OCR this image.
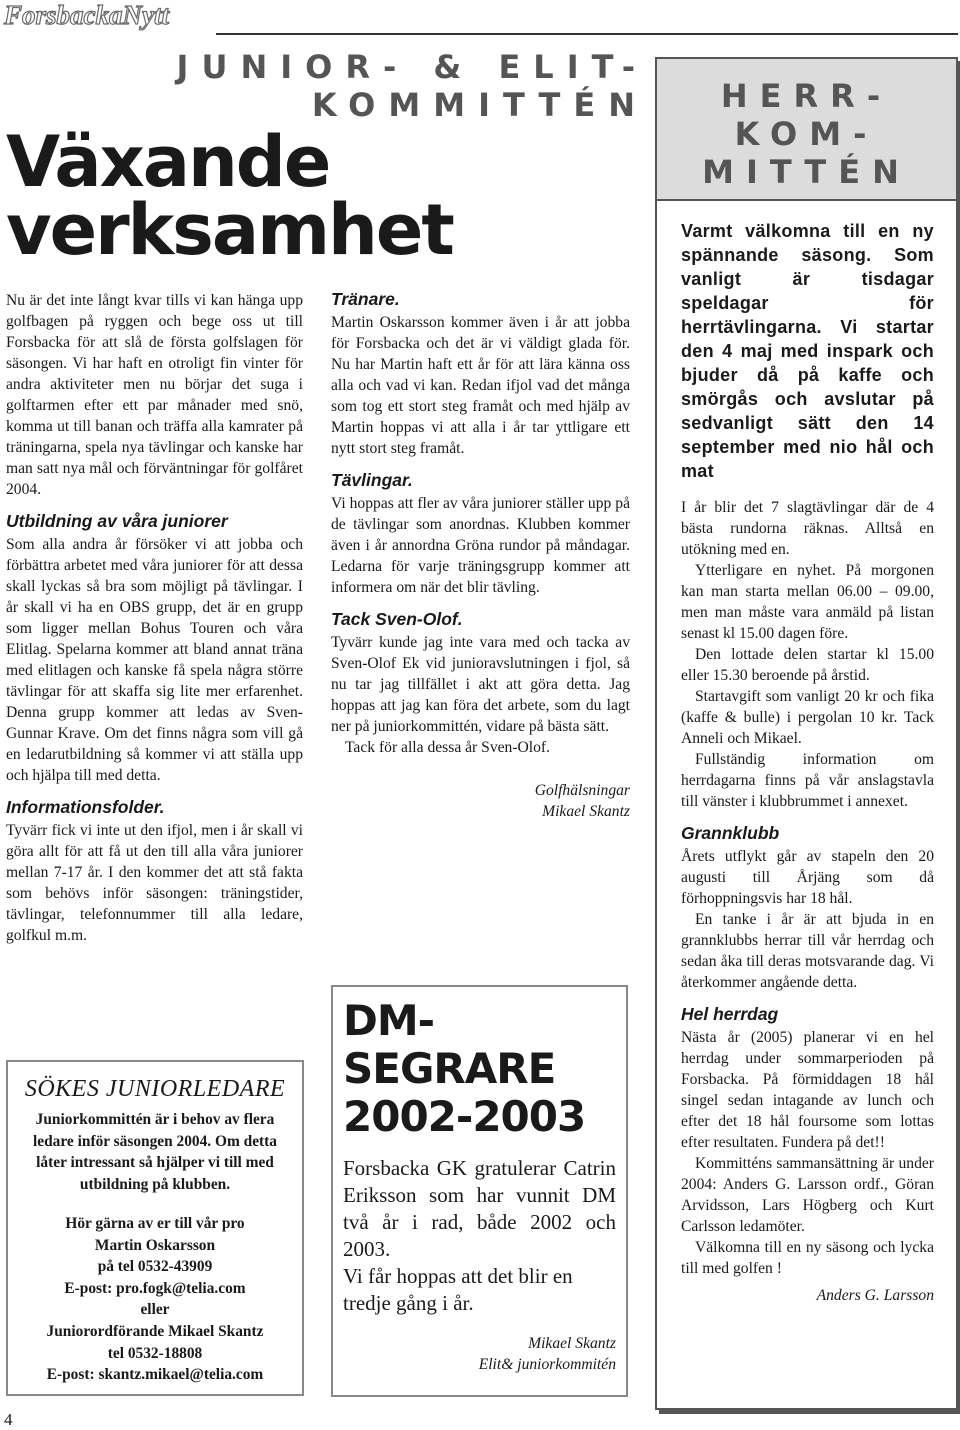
ForsbackaNytt
JUNIOR- & ELIT-
KOMMITTÉN
Växande
verksamhet

Nu är det inte långt kvar tills vi kan hänga upp golfbagen på ryggen och bege oss ut till Forsbacka för att slå de första golfslagen för säsongen. Vi har haft en otroligt fin vinter för andra aktiviteter men nu börjar det suga i golftarmen efter ett par månader med snö, komma ut till banan och träffa alla kamrater på träningarna, spela nya tävlingar och kanske har man satt nya mål och förväntningar för golfåret 2004.

Utbildning av våra juniorer

Som alla andra år försöker vi att jobba och förbättra arbetet med våra juniorer för att dessa skall lyckas så bra som möjligt på tävlingar. I år skall vi ha en OBS grupp, det är en grupp som ligger mellan Bohus Touren och våra Elitlag. Spelarna kommer att bland annat träna med elitlagen och kanske få spela några större tävlingar för att skaffa sig lite mer erfarenhet. Denna grupp kommer att ledas av Sven-Gunnar Krave. Om det finns några som vill gå en ledarutbildning så kommer vi att ställa upp och hjälpa till med detta.

Informationsfolder.

Tyvärr fick vi inte ut den ifjol, men i år skall vi göra allt för att få ut den till alla våra juniorer mellan 7-17 år. I den kommer det att stå fakta som behövs inför säsongen: träningstider, tävlingar, telefonnummer till alla ledare, golfkul m.m.

Tränare.

Martin Oskarsson kommer även i år att jobba för Forsbacka och det är vi väldigt glada för. Nu har Martin haft ett år för att lära känna oss alla och vad vi kan. Redan ifjol vad det många som tog ett stort steg framåt och med hjälp av Martin hoppas vi att alla i år tar yttligare ett nytt stort steg framåt.

Tävlingar.

Vi hoppas att fler av våra juniorer ställer upp på de tävlingar som anordnas. Klubben kommer även i år annordna Gröna rundor på måndagar. Ledarna för varje träningsgrupp kommer att informera om när det blir tävling.

Tack Sven-Olof.

Tyvärr kunde jag inte vara med och tacka av Sven-Olof Ek vid junioravslutningen i fjol, så nu tar jag tillfället i akt att göra detta. Jag hoppas att jag kan föra det arbete, som du lagt ner på juniorkommittén, vidare på bästa sätt.

Tack för alla dessa år Sven-Olof.

Golfhälsningar
Mikael Skantz
SÖKES JUNIORLEDARE
Juniorkommittén är i behov av flera ledare inför säsongen 2004. Om detta låter intressant så hjälper vi till med utbildning på klubben.
Hör gärna av er till vår pro
Martin Oskarsson
på tel 0532-43909
E-post: pro.fogk@telia.com
eller
Juniorordförande Mikael Skantz
tel 0532-18808
E-post: skantz.mikael@telia.com
DM-
SEGRARE
2002-2003

Forsbacka GK gratulerar Catrin Eriksson som har vunnit DM två år i rad, både 2002 och 2003.

Vi får hoppas att det blir en tredje gång i år.

Mikael Skantz
Elit& juniorkommitén
HERR-
KOM-
MITTÉN
Varmt välkomna till en ny spännande säsong. Som vanligt är tisdagar speldagar för herrtävlingarna. Vi startar den 4 maj med inspark och bjuder då på kaffe och smörgås och avslutar på sedvanligt sätt den 14 september med nio hål och mat

I år blir det 7 slagtävlingar där de 4 bästa rundorna räknas. Alltså en utökning med en.

Ytterligare en nyhet. På morgonen kan man starta mellan 06.00 – 09.00, men man måste vara anmäld på listan senast kl 15.00 dagen före.

Den lottade delen startar kl 15.00 eller 15.30 beroende på årstid.

Startavgift som vanligt 20 kr och fika (kaffe & bulle) i pergolan 10 kr. Tack Anneli och Mikael.

Fullständig information om herrdagarna finns på vår anslagstavla till vänster i klubbrummet i annexet.

Grannklubb

Årets utflykt går av stapeln den 20 augusti till Årjäng som då förhoppningsvis har 18 hål.

En tanke i år är att bjuda in en grannklubbs herrar till vår herrdag och sedan åka till deras motsvarande dag. Vi återkommer angående detta.

Hel herrdag

Nästa år (2005) planerar vi en hel herrdag under sommarperioden på Forsbacka. På förmiddagen 18 hål singel sedan intagande av lunch och efter det 18 hål foursome som lottas efter resultaten. Fundera på det!!

Kommitténs sammansättning är under 2004: Anders G. Larsson ordf., Göran Arvidsson, Lars Högberg och Kurt Carlsson ledamöter.

Välkomna till en ny säsong och lycka till med golfen !

Anders G. Larsson
4
